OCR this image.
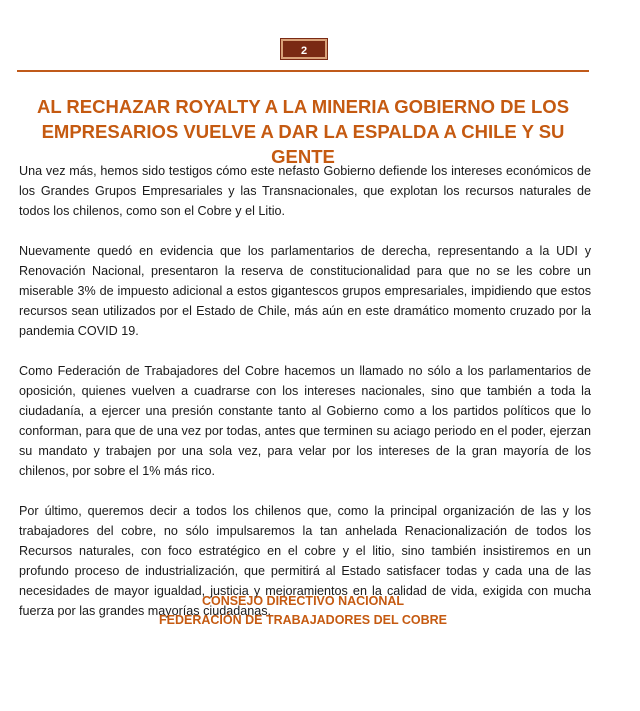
2
AL RECHAZAR ROYALTY A LA MINERIA GOBIERNO DE LOS EMPRESARIOS VUELVE A DAR LA ESPALDA A CHILE Y SU GENTE

Una vez más, hemos sido testigos cómo este nefasto Gobierno defiende los intereses económicos de los Grandes Grupos Empresariales y las Transnacionales, que explotan los recursos naturales de todos los chilenos, como son el Cobre y el Litio.

Nuevamente quedó en evidencia que los parlamentarios de derecha, representando a la UDI y Renovación Nacional, presentaron la reserva de constitucionalidad para que no se les cobre un miserable 3% de impuesto adicional a estos gigantescos grupos empresariales, impidiendo que estos recursos sean utilizados por el Estado de Chile, más aún en este dramático momento cruzado por la pandemia COVID 19.

Como Federación de Trabajadores del Cobre hacemos un llamado no sólo a los parlamentarios de oposición, quienes vuelven a cuadrarse con los intereses nacionales, sino que también a toda la ciudadanía, a ejercer una presión constante tanto al Gobierno como a los partidos políticos que lo conforman, para que de una vez por todas, antes que terminen su aciago periodo en el poder, ejerzan su mandato y trabajen por una sola vez, para velar por los intereses de la gran mayoría de los chilenos, por sobre el 1% más rico.

Por último, queremos decir a todos los chilenos que, como la principal organización de las y los trabajadores del cobre, no sólo impulsaremos la tan anhelada Renacionalización de todos los Recursos naturales, con foco estratégico en el cobre y el litio, sino también insistiremos en un profundo proceso de industrialización, que permitirá al Estado satisfacer todas y cada una de las necesidades de mayor igualdad, justicia y mejoramientos en la calidad de vida, exigida con mucha fuerza por las grandes mayorías ciudadanas.

CONSEJO DIRECTIVO NACIONAL
FEDERACIÓN DE TRABAJADORES DEL COBRE
